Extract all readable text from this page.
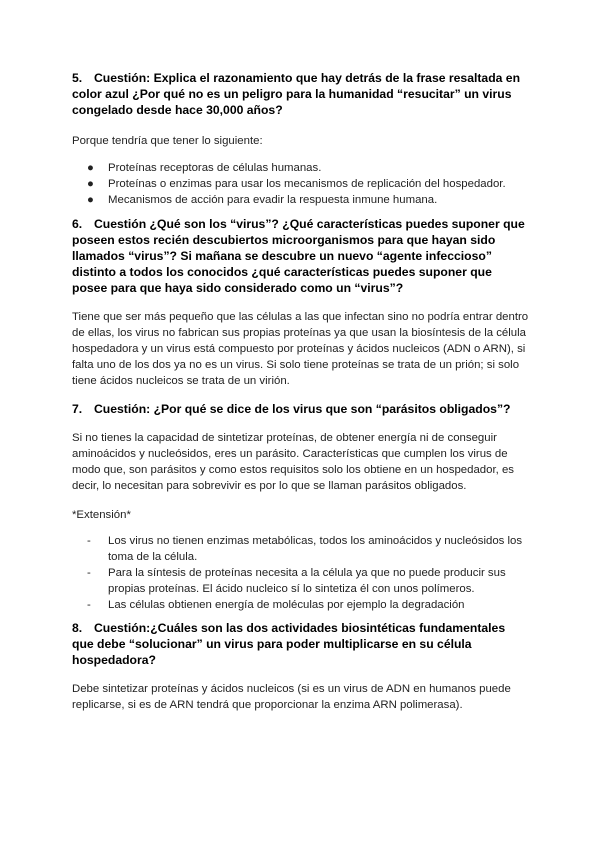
5. Cuestión: Explica el razonamiento que hay detrás de la frase resaltada en color azul ¿Por qué no es un peligro para la humanidad “resucitar” un virus congelado desde hace 30,000 años?

Porque tendría que tener lo siguiente:

● Proteínas receptoras de células humanas.
● Proteínas o enzimas para usar los mecanismos de replicación del hospedador.
● Mecanismos de acción para evadir la respuesta inmune humana.

6. Cuestión ¿Qué son los “virus”? ¿Qué características puedes suponer que poseen estos recién descubiertos microorganismos para que hayan sido llamados “virus”? Si mañana se descubre un nuevo “agente infeccioso” distinto a todos los conocidos ¿qué características puedes suponer que posee para que haya sido considerado como un “virus”?

Tiene que ser más pequeño que las células a las que infectan sino no podría entrar dentro de ellas, los virus no fabrican sus propias proteínas ya que usan la biosíntesis de la célula hospedadora y un virus está compuesto por proteínas y ácidos nucleicos (ADN o ARN), si falta uno de los dos ya no es un virus. Si solo tiene proteínas se trata de un prión; si solo tiene ácidos nucleicos se trata de un virión.

7. Cuestión: ¿Por qué se dice de los virus que son “parásitos obligados”?

Si no tienes la capacidad de sintetizar proteínas, de obtener energía ni de conseguir aminoácidos y nucleósidos, eres un parásito. Características que cumplen los virus de modo que, son parásitos y como estos requisitos solo los obtiene en un hospedador, es decir, lo necesitan para sobrevivir es por lo que se llaman parásitos obligados.

*Extensión*

- Los virus no tienen enzimas metabólicas, todos los aminoácidos y nucleósidos los toma de la célula.
- Para la síntesis de proteínas necesita a la célula ya que no puede producir sus propias proteínas. El ácido nucleico sí lo sintetiza él con unos polímeros.
- Las células obtienen energía de moléculas por ejemplo la degradación

8. Cuestión:¿Cuáles son las dos actividades biosintéticas fundamentales que debe “solucionar” un virus para poder multiplicarse en su célula hospedadora?

Debe sintetizar proteínas y ácidos nucleicos (si es un virus de ADN en humanos puede replicarse, si es de ARN tendrá que proporcionar la enzima ARN polimerasa).
